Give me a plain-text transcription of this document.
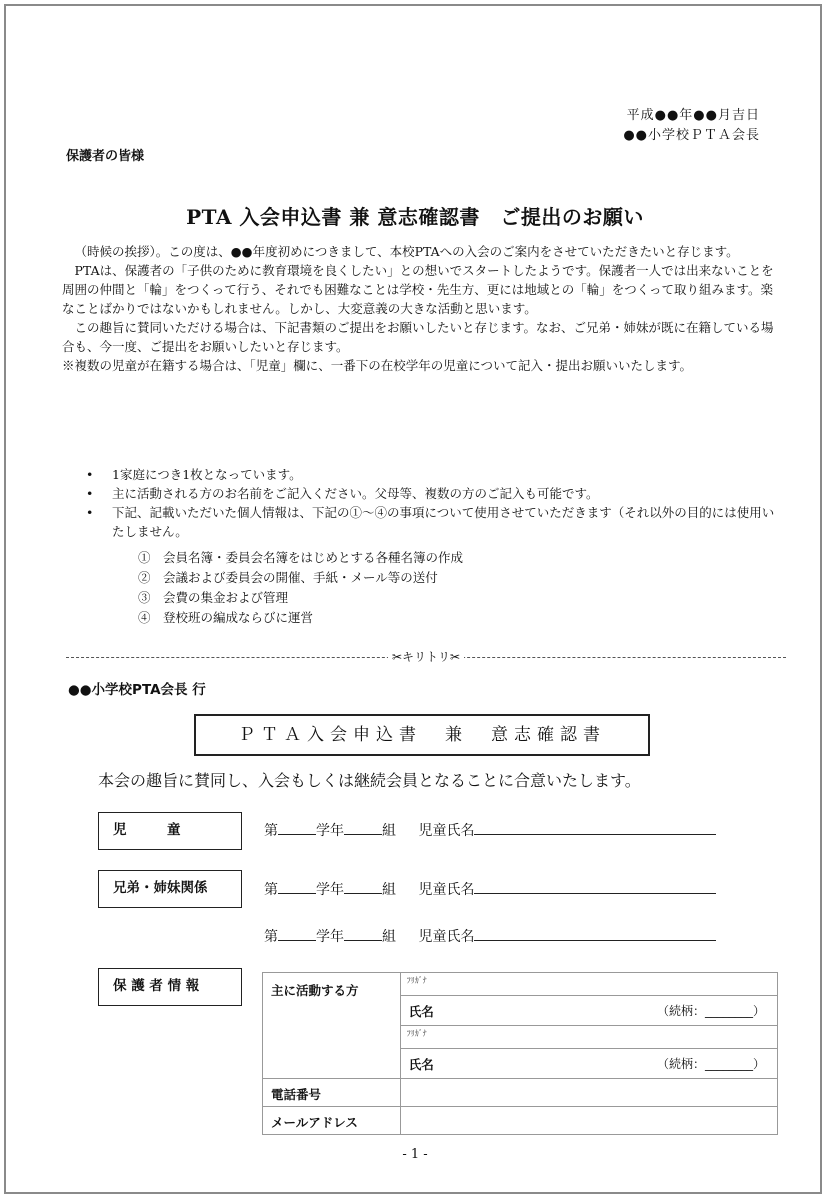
平成●●年●●月吉日
●●小学校ＰＴＡ会長
保護者の皆様
PTA 入会申込書 兼 意志確認書　ご提出のお願い

（時候の挨拶）。この度は、●●年度初めにつきまして、本校PTAへの入会のご案内をさせていただきたいと存じます。

PTAは、保護者の「子供のために教育環境を良くしたい」との想いでスタートしたようです。保護者一人では出来ないことを周囲の仲間と「輪」をつくって行う、それでも困難なことは学校・先生方、更には地域との「輪」をつくって取り組みます。楽なことばかりではないかもしれません。しかし、大変意義の大きな活動と思います。

この趣旨に賛同いただける場合は、下記書類のご提出をお願いしたいと存じます。なお、ご兄弟・姉妹が既に在籍している場合も、今一度、ご提出をお願いしたいと存じます。

※複数の児童が在籍する場合は、「児童」欄に、一番下の在校学年の児童について記入・提出お願いいたします。

• 1家庭につき1枚となっています。
• 主に活動される方のお名前をご記入ください。父母等、複数の方のご記入も可能です。
• 下記、記載いただいた個人情報は、下記の①～④の事項について使用させていただきます（それ以外の目的には使用いたしません。
①　会員名簿・委員会名簿をはじめとする各種名簿の作成
②　会議および委員会の開催、手紙・メール等の送付
③　会費の集金および管理
④　登校班の編成ならびに運営
✂キリトリ✂
●●小学校PTA会長 行
ＰＴＡ入会申込書　兼　意志確認書
本会の趣旨に賛同し、入会もしくは継続会員となることに合意いたします。
児　　　童	第	学年	組 児童氏名
兄弟・姉妹関係	第	学年	組 児童氏名
第	学年	組 児童氏名
保 護 者 情 報	主に活動する方	ﾌﾘｶﾞﾅ

	氏名 （続柄：________）

	ﾌﾘｶﾞﾅ

	氏名 （続柄：________）

電話番号	
メールアドレス	
- 1 -
